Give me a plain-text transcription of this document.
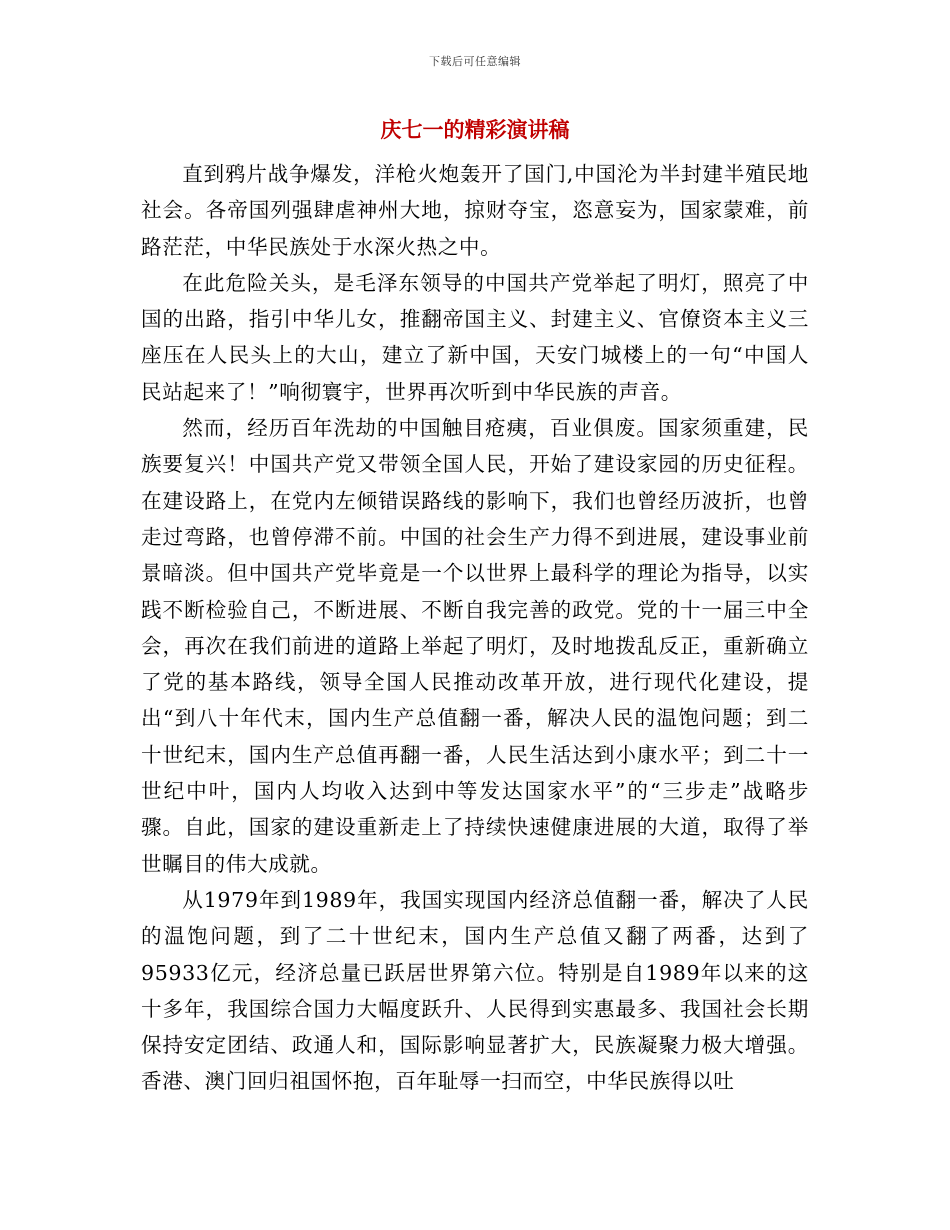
下载后可任意编辑
庆七一的精彩演讲稿

直到鸦片战争爆发，洋枪火炮轰开了国门,中国沦为半封建半殖民地社会。各帝国列强肆虐神州大地，掠财夺宝，恣意妄为，国家蒙难，前路茫茫，中华民族处于水深火热之中。

在此危险关头，是毛泽东领导的中国共产党举起了明灯，照亮了中国的出路，指引中华儿女，推翻帝国主义、封建主义、官僚资本主义三座压在人民头上的大山，建立了新中国，天安门城楼上的一句“中国人民站起来了！”响彻寰宇，世界再次听到中华民族的声音。

然而，经历百年洗劫的中国触目疮痍，百业俱废。国家须重建，民族要复兴！中国共产党又带领全国人民，开始了建设家园的历史征程。在建设路上，在党内左倾错误路线的影响下，我们也曾经历波折，也曾走过弯路，也曾停滞不前。中国的社会生产力得不到进展，建设事业前景暗淡。但中国共产党毕竟是一个以世界上最科学的理论为指导，以实践不断检验自己，不断进展、不断自我完善的政党。党的十一届三中全会，再次在我们前进的道路上举起了明灯，及时地拨乱反正，重新确立了党的基本路线，领导全国人民推动改革开放，进行现代化建设，提出“到八十年代末，国内生产总值翻一番，解决人民的温饱问题；到二十世纪末，国内生产总值再翻一番，人民生活达到小康水平；到二十一世纪中叶，国内人均收入达到中等发达国家水平”的“三步走”战略步骤。自此，国家的建设重新走上了持续快速健康进展的大道，取得了举世瞩目的伟大成就。

从1979年到1989年，我国实现国内经济总值翻一番，解决了人民的温饱问题，到了二十世纪末，国内生产总值又翻了两番，达到了95933亿元，经济总量已跃居世界第六位。特别是自1989年以来的这十多年，我国综合国力大幅度跃升、人民得到实惠最多、我国社会长期保持安定团结、政通人和，国际影响显著扩大，民族凝聚力极大增强。香港、澳门回归祖国怀抱，百年耻辱一扫而空，中华民族得以吐
